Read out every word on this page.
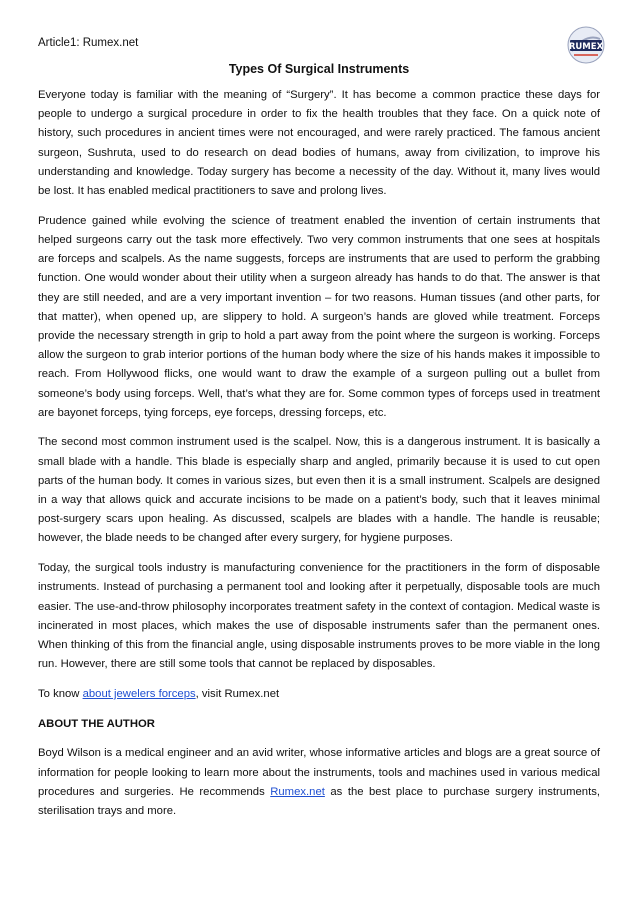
Article1: Rumex.net	RUMEX
Types Of Surgical Instruments

Everyone today is familiar with the meaning of “Surgery”. It has become a common practice these days for people to undergo a surgical procedure in order to fix the health troubles that they face. On a quick note of history, such procedures in ancient times were not encouraged, and were rarely practiced. The famous ancient surgeon, Sushruta, used to do research on dead bodies of humans, away from civilization, to improve his understanding and knowledge. Today surgery has become a necessity of the day. Without it, many lives would be lost. It has enabled medical practitioners to save and prolong lives.

Prudence gained while evolving the science of treatment enabled the invention of certain instruments that helped surgeons carry out the task more effectively. Two very common instruments that one sees at hospitals are forceps and scalpels. As the name suggests, forceps are instruments that are used to perform the grabbing function. One would wonder about their utility when a surgeon already has hands to do that. The answer is that they are still needed, and are a very important invention – for two reasons. Human tissues (and other parts, for that matter), when opened up, are slippery to hold. A surgeon’s hands are gloved while treatment. Forceps provide the necessary strength in grip to hold a part away from the point where the surgeon is working. Forceps allow the surgeon to grab interior portions of the human body where the size of his hands makes it impossible to reach. From Hollywood flicks, one would want to draw the example of a surgeon pulling out a bullet from someone’s body using forceps. Well, that’s what they are for. Some common types of forceps used in treatment are bayonet forceps, tying forceps, eye forceps, dressing forceps, etc.

The second most common instrument used is the scalpel. Now, this is a dangerous instrument. It is basically a small blade with a handle. This blade is especially sharp and angled, primarily because it is used to cut open parts of the human body. It comes in various sizes, but even then it is a small instrument. Scalpels are designed in a way that allows quick and accurate incisions to be made on a patient’s body, such that it leaves minimal post-surgery scars upon healing. As discussed, scalpels are blades with a handle. The handle is reusable; however, the blade needs to be changed after every surgery, for hygiene purposes.

Today, the surgical tools industry is manufacturing convenience for the practitioners in the form of disposable instruments. Instead of purchasing a permanent tool and looking after it perpetually, disposable tools are much easier. The use-and-throw philosophy incorporates treatment safety in the context of contagion. Medical waste is incinerated in most places, which makes the use of disposable instruments safer than the permanent ones. When thinking of this from the financial angle, using disposable instruments proves to be more viable in the long run. However, there are still some tools that cannot be replaced by disposables.

To know about jewelers forceps, visit Rumex.net

ABOUT THE AUTHOR

Boyd Wilson is a medical engineer and an avid writer, whose informative articles and blogs are a great source of information for people looking to learn more about the instruments, tools and machines used in various medical procedures and surgeries. He recommends Rumex.net as the best place to purchase surgery instruments, sterilisation trays and more.
